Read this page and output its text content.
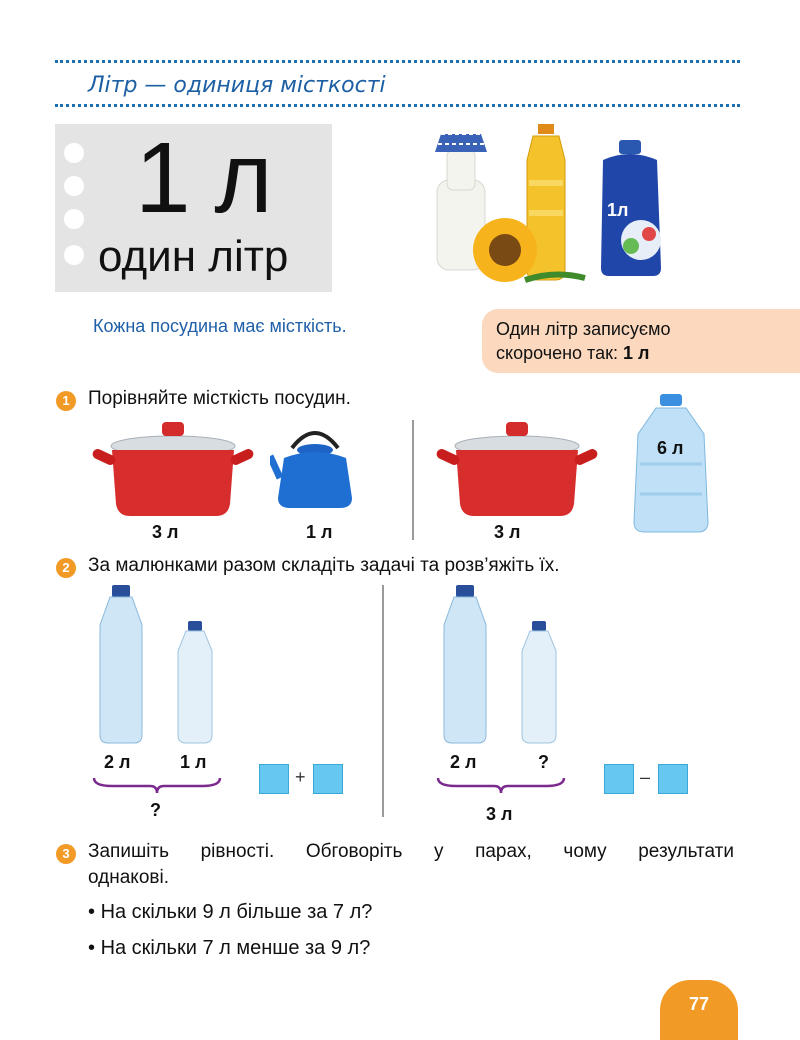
Літр — одиниця місткості
1 л
один літр
1л
Кожна посудина має місткість.	Один літр записуємо
скорочено так: 1 л
1 Порівняйте місткість посудин.
3 л	1 л	3 л
6 л
2 За малюнками разом складіть задачі та розв’яжіть їх.
2 л	1 л
?
+
2 л	?
3 л
–
3 Запишіть рівності. Обговоріть у парах, чому результати
однакові.
• На скільки 9 л більше за 7 л?
• На скільки 7 л менше за 9 л?
77
